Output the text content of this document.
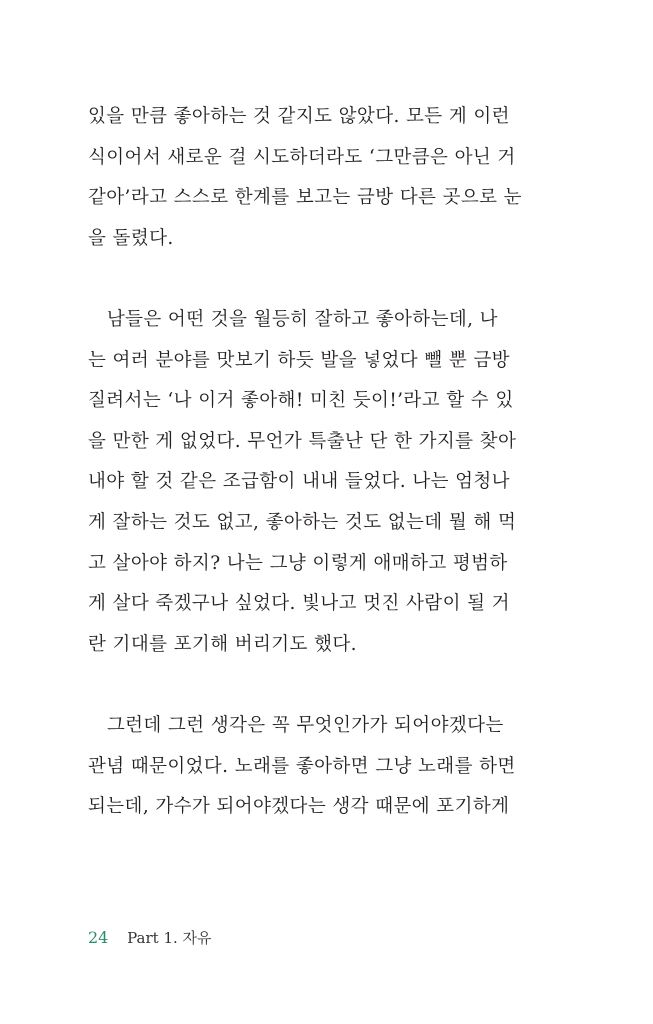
있을 만큼 좋아하는 것 같지도 않았다. 모든 게 이런
식이어서 새로운 걸 시도하더라도 ‘그만큼은 아닌 거
같아’라고 스스로 한계를 보고는 금방 다른 곳으로 눈
을 돌렸다.
남들은 어떤 것을 월등히 잘하고 좋아하는데, 나
는 여러 분야를 맛보기 하듯 발을 넣었다 뺄 뿐 금방
질려서는 ‘나 이거 좋아해! 미친 듯이!’라고 할 수 있
을 만한 게 없었다. 무언가 특출난 단 한 가지를 찾아
내야 할 것 같은 조급함이 내내 들었다. 나는 엄청나
게 잘하는 것도 없고, 좋아하는 것도 없는데 뭘 해 먹
고 살아야 하지? 나는 그냥 이렇게 애매하고 평범하
게 살다 죽겠구나 싶었다. 빛나고 멋진 사람이 될 거
란 기대를 포기해 버리기도 했다.
그런데 그런 생각은 꼭 무엇인가가 되어야겠다는
관념 때문이었다. 노래를 좋아하면 그냥 노래를 하면
되는데, 가수가 되어야겠다는 생각 때문에 포기하게
24 Part 1. 자유
